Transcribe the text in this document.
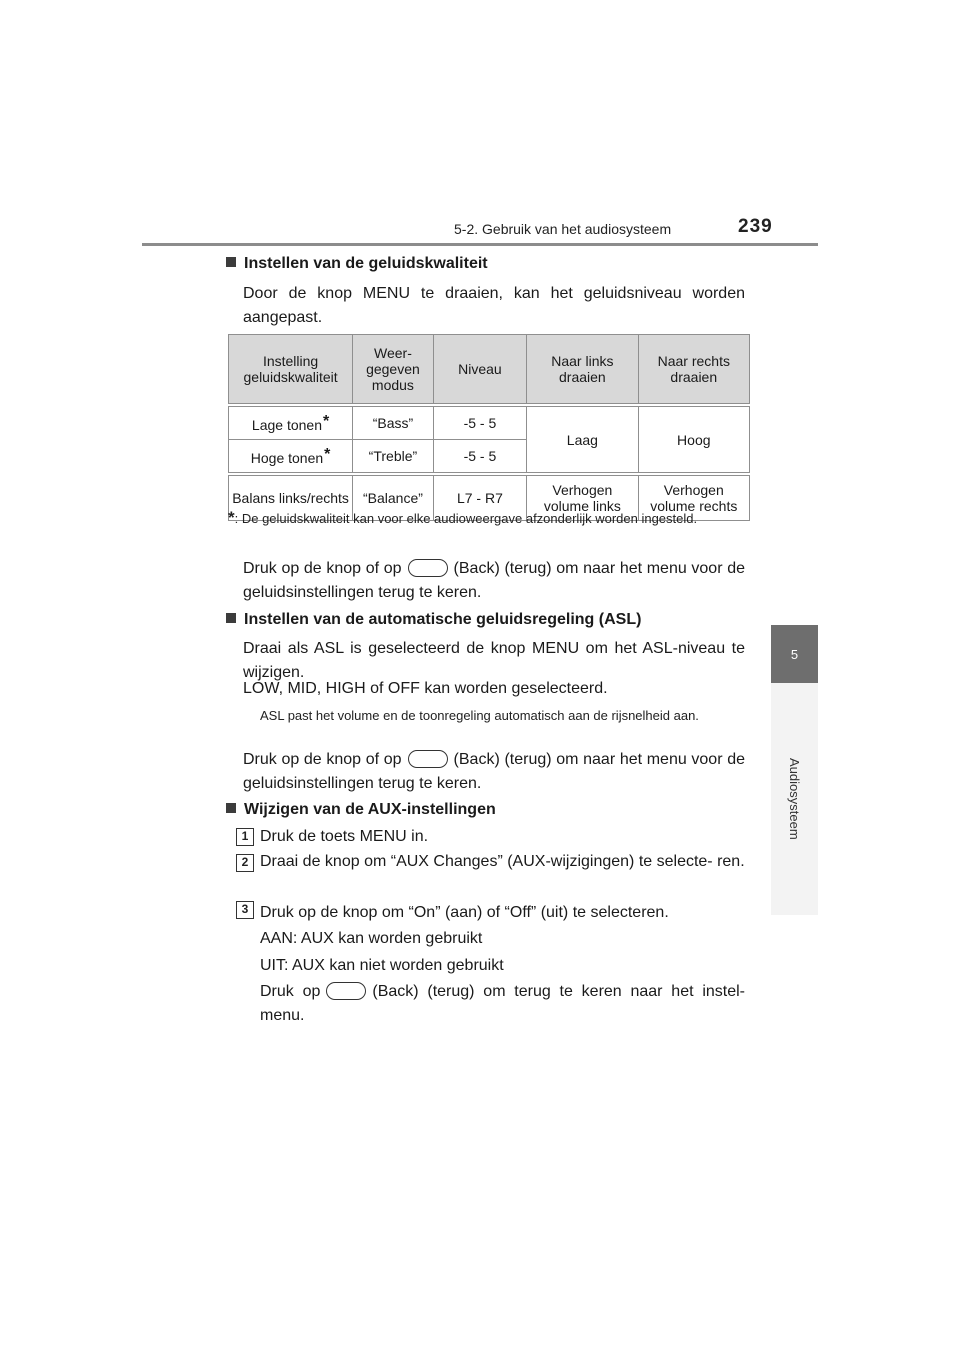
5-2. Gebruik van het audiosysteem	239
5
Audiosysteem
Instellen van de geluidskwaliteit
Door de knop MENU te draaien, kan het geluidsniveau worden aangepast.
Instelling geluidskwaliteit	Weer- gegeven modus	Niveau	Naar links draaien	Naar rechts draaien

Lage tonen*	“Bass”	-5 - 5	Laag	Hoog
Hoge tonen*	“Treble”	-5 - 5		

Balans links/rechts	“Balance”	L7 - R7	Verhogen volume links	Verhogen volume rechts
*: De geluidskwaliteit kan voor elke audioweergave afzonderlijk worden ingesteld.
Druk op de knop of op	(Back) (terug) om naar het menu voor de geluidsinstellingen terug te keren.
Instellen van de automatische geluidsregeling (ASL)
Draai als ASL is geselecteerd de knop MENU om het ASL-niveau te wijzigen.
LOW, MID, HIGH of OFF kan worden geselecteerd.
ASL past het volume en de toonregeling automatisch aan de rijsnelheid aan.
Druk op de knop of op	(Back) (terug) om naar het menu voor de geluidsinstellingen terug te keren.
Wijzigen van de AUX-instellingen
1 Druk de toets MENU in.
2 Draai de knop om “AUX Changes” (AUX-wijzigingen) te selecte- ren.
3 Druk op de knop om “On” (aan) of “Off” (uit) te selecteren.
AAN: AUX kan worden gebruikt
UIT: AUX kan niet worden gebruikt
Druk op	(Back) (terug) om terug te keren naar het instel- menu.
